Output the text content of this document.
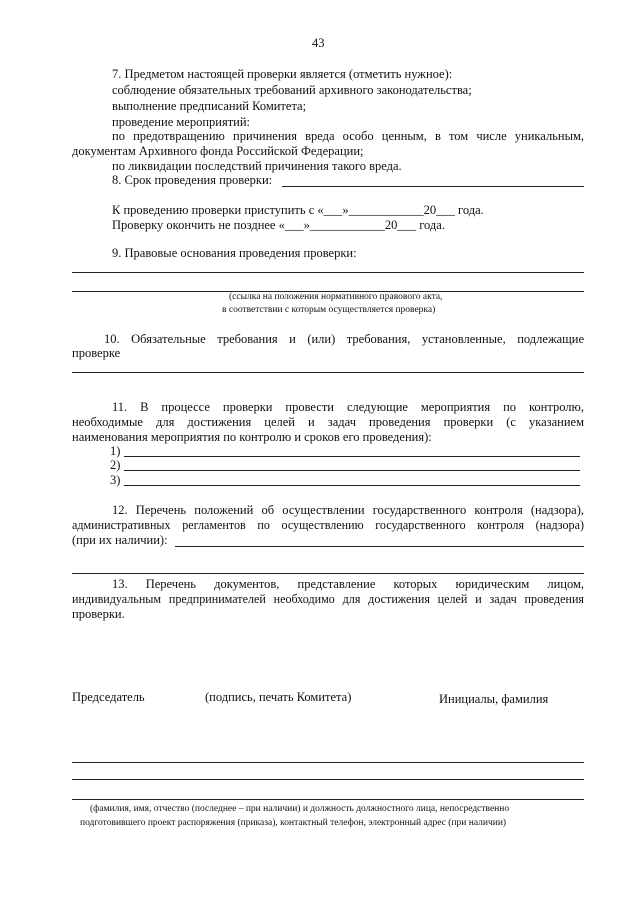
43
7. Предметом настоящей проверки является (отметить нужное):
соблюдение обязательных требований архивного законодательства;
выполнение предписаний Комитета;
проведение мероприятий:
по предотвращению причинения вреда особо ценным, в том числе уникальным,
документам Архивного фонда Российской Федерации;
по ликвидации последствий причинения такого вреда.
8. Срок проведения проверки:
К проведению проверки приступить с «___»____________20___ года.
Проверку окончить не позднее «___»____________20___ года.
9. Правовые основания проведения проверки:
(ссылка на положения нормативного правового акта,
в соответствии с которым осуществляется проверка)
10. Обязательные требования и (или) требования, установленные, подлежащие
проверке
11. В процессе проверки провести следующие мероприятия по контролю,
необходимые для достижения целей и задач проведения проверки (с указанием
наименования мероприятия по контролю и сроков его проведения):
1)
2)
3)
12. Перечень положений об осуществлении государственного контроля (надзора),
административных регламентов по осуществлению государственного контроля (надзора)
(при их наличии):
13. Перечень документов, представление которых юридическим лицом,
индивидуальным предпринимателей необходимо для достижения целей и задач проведения
проверки.
Председатель	(подпись, печать Комитета)	Инициалы, фамилия
(фамилия, имя, отчество (последнее – при наличии) и должность должностного лица, непосредственно
подготовившего проект распоряжения (приказа), контактный телефон, электронный адрес (при наличии)
